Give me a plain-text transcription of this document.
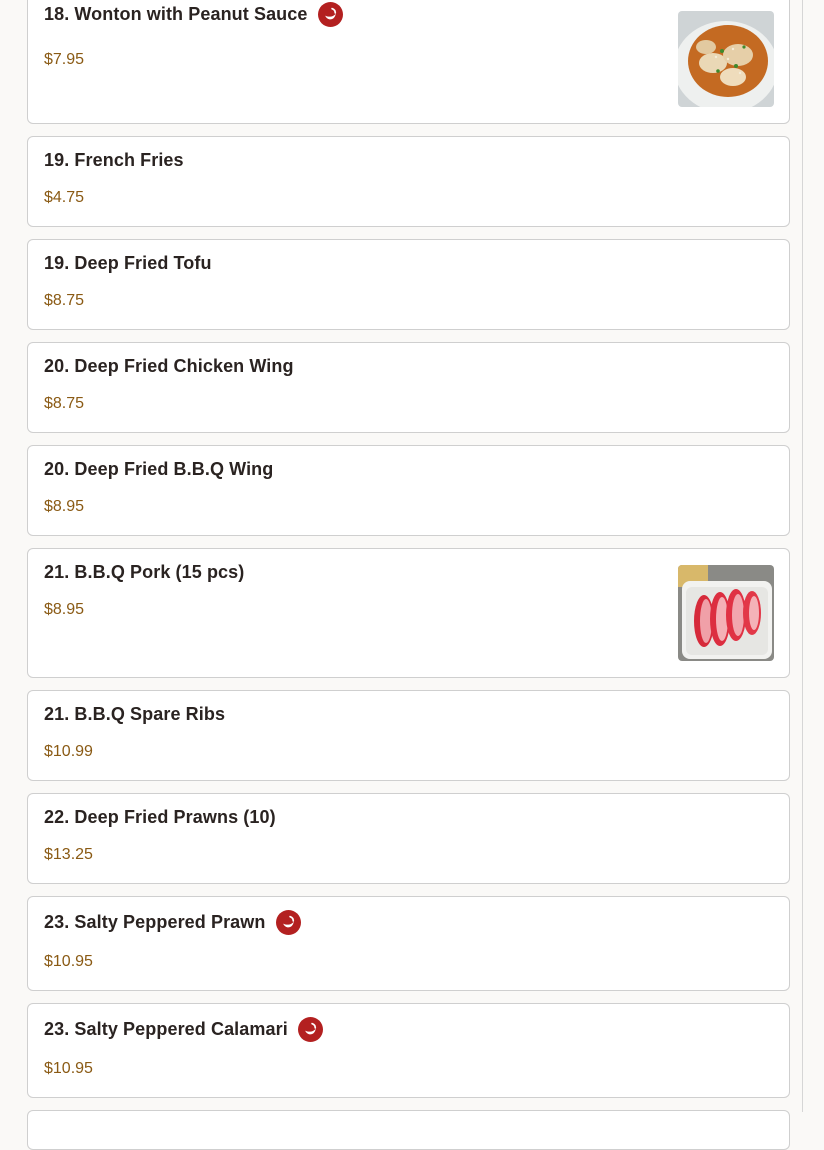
18. Wonton with Peanut Sauce
$7.95
19. French Fries
$4.75
19. Deep Fried Tofu
$8.75
20. Deep Fried Chicken Wing
$8.75
20. Deep Fried B.B.Q Wing
$8.95
21. B.B.Q Pork (15 pcs)
$8.95
21. B.B.Q Spare Ribs
$10.99
22. Deep Fried Prawns (10)
$13.25
23. Salty Peppered Prawn
$10.95
23. Salty Peppered Calamari
$10.95
